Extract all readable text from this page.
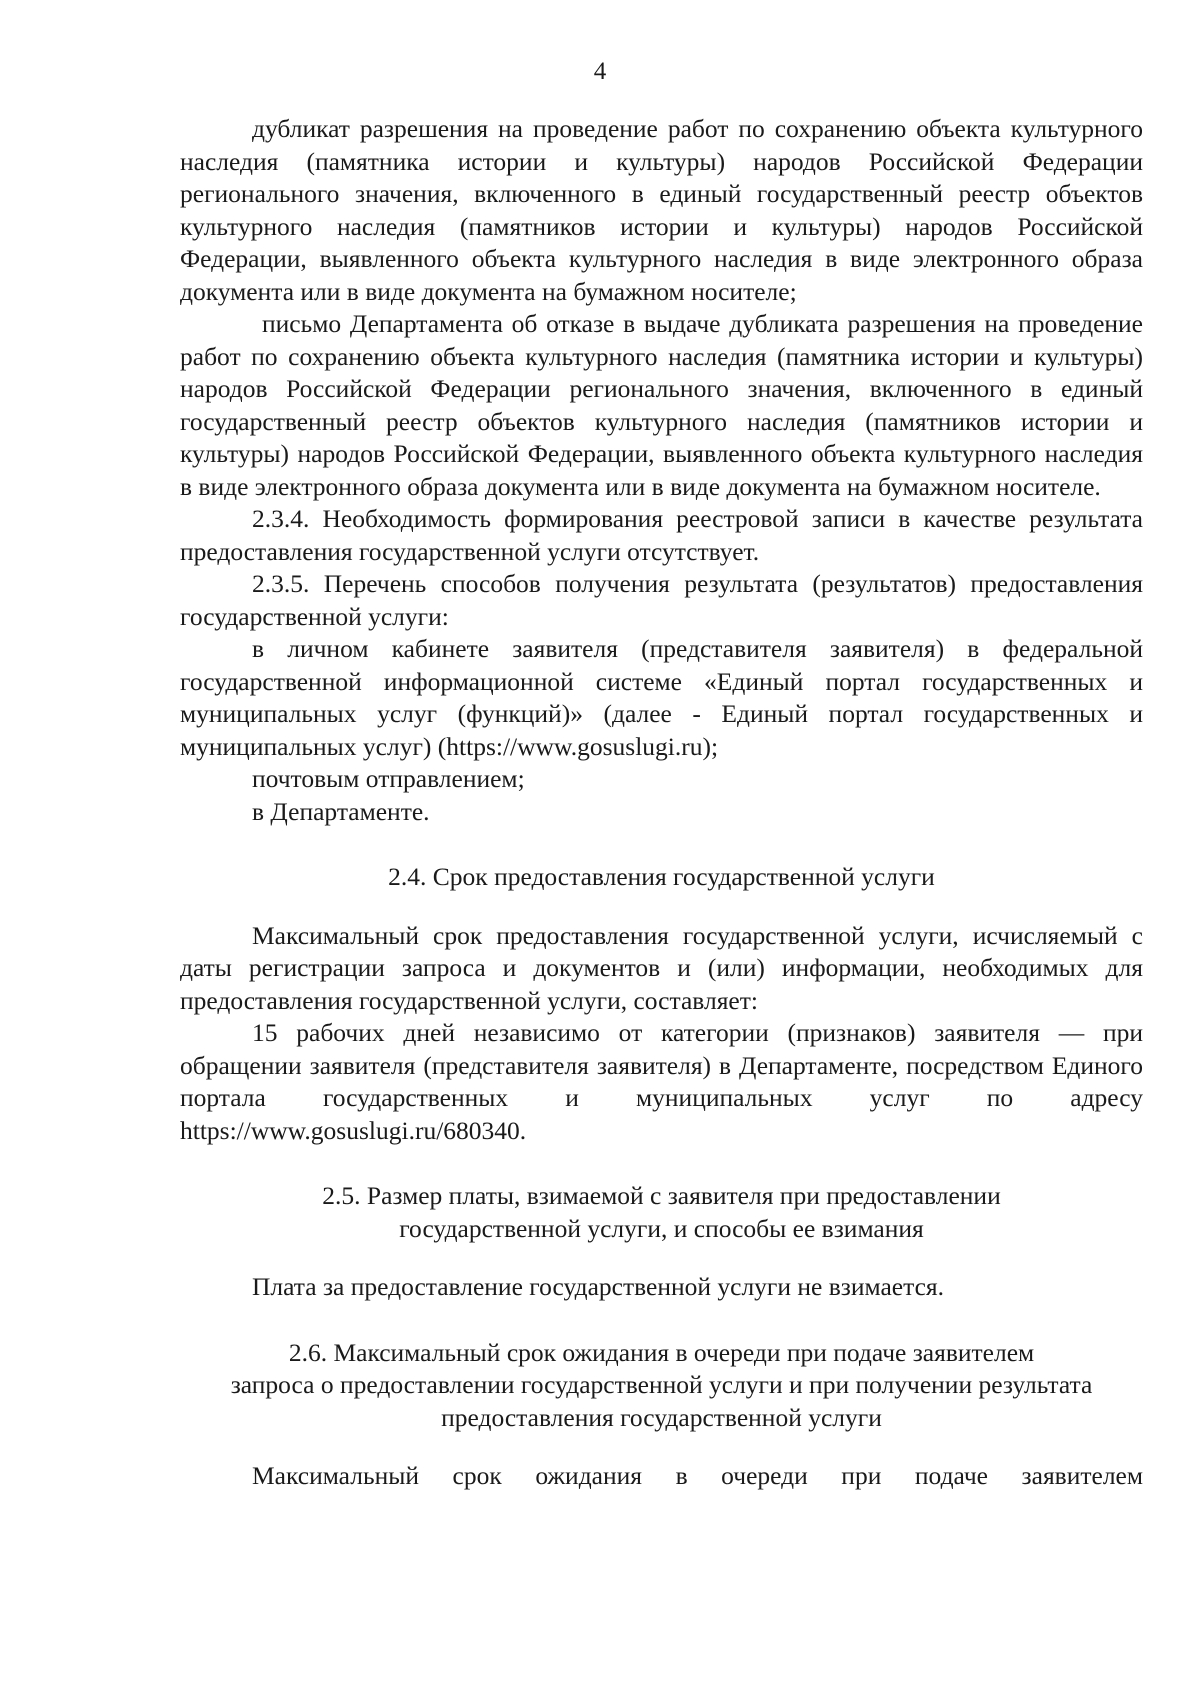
4

дубликат разрешения на проведение работ по сохранению объекта культурного наследия (памятника истории и культуры) народов Российской Федерации регионального значения, включенного в единый государственный реестр объектов культурного наследия (памятников истории и культуры) народов Российской Федерации, выявленного объекта культурного наследия в виде электронного образа документа или в виде документа на бумажном носителе;

письмо Департамента об отказе в выдаче дубликата разрешения на проведение работ по сохранению объекта культурного наследия (памятника истории и культуры) народов Российской Федерации регионального значения, включенного в единый государственный реестр объектов культурного наследия (памятников истории и культуры) народов Российской Федерации, выявленного объекта культурного наследия в виде электронного образа документа или в виде документа на бумажном носителе.

2.3.4. Необходимость формирования реестровой записи в качестве результата предоставления государственной услуги отсутствует.

2.3.5. Перечень способов получения результата (результатов) предоставления государственной услуги:

в личном кабинете заявителя (представителя заявителя) в федеральной государственной информационной системе «Единый портал государственных и муниципальных услуг (функций)» (далее - Единый портал государственных и муниципальных услуг) (https://www.gosuslugi.ru);

почтовым отправлением;

в Департаменте.

2.4. Срок предоставления государственной услуги

Максимальный срок предоставления государственной услуги, исчисляемый с даты регистрации запроса и документов и (или) информации, необходимых для предоставления государственной услуги, составляет:

15 рабочих дней независимо от категории (признаков) заявителя — при обращении заявителя (представителя заявителя) в Департаменте, посредством Единого портала государственных и муниципальных услуг по адресу https://www.gosuslugi.ru/680340.

2.5. Размер платы, взимаемой с заявителя при предоставлении

государственной услуги, и способы ее взимания

Плата за предоставление государственной услуги не взимается.

2.6. Максимальный срок ожидания в очереди при подаче заявителем

запроса о предоставлении государственной услуги и при получении результата

предоставления государственной услуги

Максимальный срок ожидания в очереди при подаче заявителем
